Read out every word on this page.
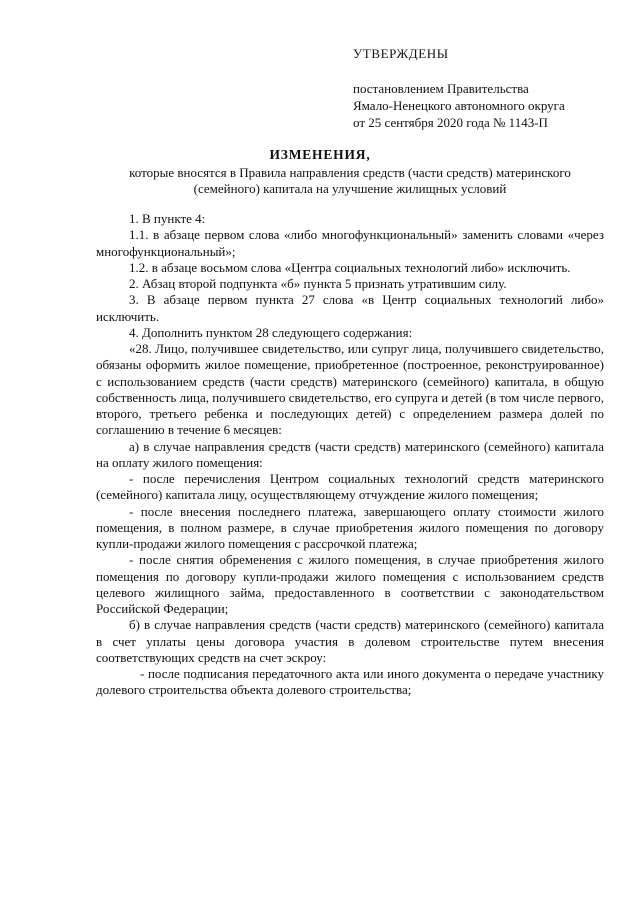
УТВЕРЖДЕНЫ
постановлением Правительства
Ямало-Ненецкого автономного округа
от 25 сентября 2020 года № 1143-П
ИЗМЕНЕНИЯ,
которые вносятся в Правила направления средств (части средств) материнского
(семейного) капитала на улучшение жилищных условий

1. В пункте 4:

1.1. в абзаце первом слова «либо многофункциональный» заменить словами «через многофункциональный»;

1.2. в абзаце восьмом слова «Центра социальных технологий либо» исключить.

2. Абзац второй подпункта «б» пункта 5 признать утратившим силу.

3. В абзаце первом пункта 27 слова «в Центр социальных технологий либо» исключить.

4. Дополнить пунктом 28 следующего содержания:

«28. Лицо, получившее свидетельство, или супруг лица, получившего свидетельство, обязаны оформить жилое помещение, приобретенное (построенное, реконструированное) с использованием средств (части средств) материнского (семейного) капитала, в общую собственность лица, получившего свидетельство, его супруга и детей (в том числе первого, второго, третьего ребенка и последующих детей) с определением размера долей по соглашению в течение 6 месяцев:

а) в случае направления средств (части средств) материнского (семейного) капитала на оплату жилого помещения:

- после перечисления Центром социальных технологий средств материнского (семейного) капитала лицу, осуществляющему отчуждение жилого помещения;

- после внесения последнего платежа, завершающего оплату стоимости жилого помещения, в полном размере, в случае приобретения жилого помещения по договору купли-продажи жилого помещения с рассрочкой платежа;

- после снятия обременения с жилого помещения, в случае приобретения жилого помещения по договору купли-продажи жилого помещения с использованием средств целевого жилищного займа, предоставленного в соответствии с законодательством Российской Федерации;

б) в случае направления средств (части средств) материнского (семейного) капитала в счет уплаты цены договора участия в долевом строительстве путем внесения соответствующих средств на счет эскроу:

- после подписания передаточного акта или иного документа о передаче участнику долевого строительства объекта долевого строительства;
